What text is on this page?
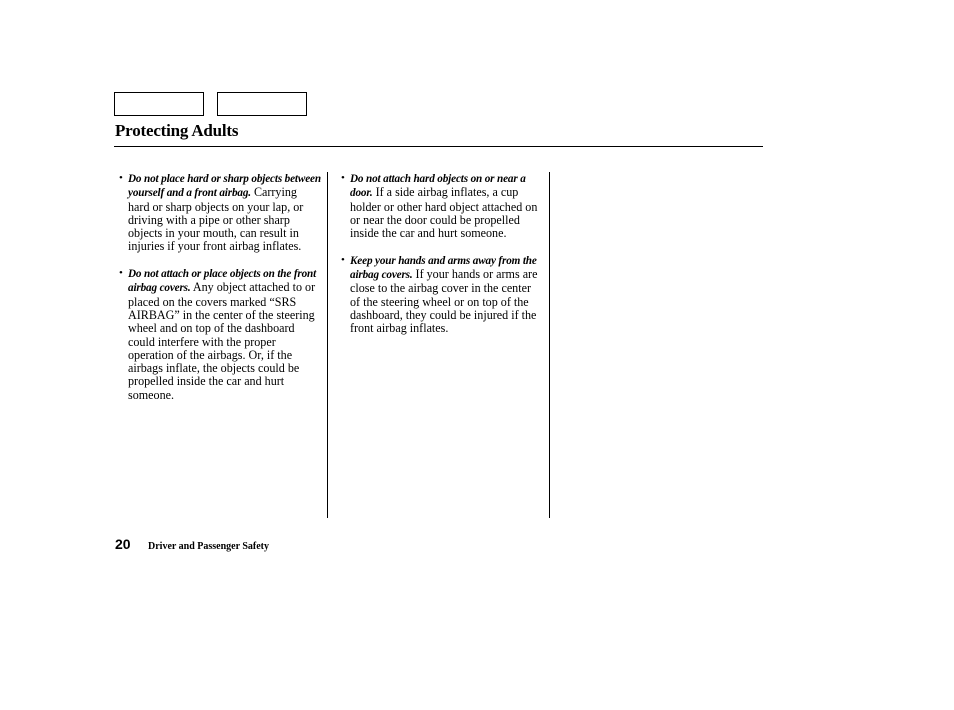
Protecting Adults
• Do not place hard or sharp objects between yourself and a front airbag. Carrying hard or sharp objects on your lap, or driving with a pipe or other sharp objects in your mouth, can result in injuries if your front airbag inflates.
• Do not attach or place objects on the front airbag covers. Any object attached to or placed on the covers marked “SRS AIRBAG” in the center of the steering wheel and on top of the dashboard could interfere with the proper operation of the airbags. Or, if the airbags inflate, the objects could be propelled inside the car and hurt someone.
• Do not attach hard objects on or near a door. If a side airbag inflates, a cup holder or other hard object attached on or near the door could be propelled inside the car and hurt someone.
• Keep your hands and arms away from the airbag covers. If your hands or arms are close to the airbag cover in the center of the steering wheel or on top of the dashboard, they could be injured if the front airbag inflates.
20 Driver and Passenger Safety
